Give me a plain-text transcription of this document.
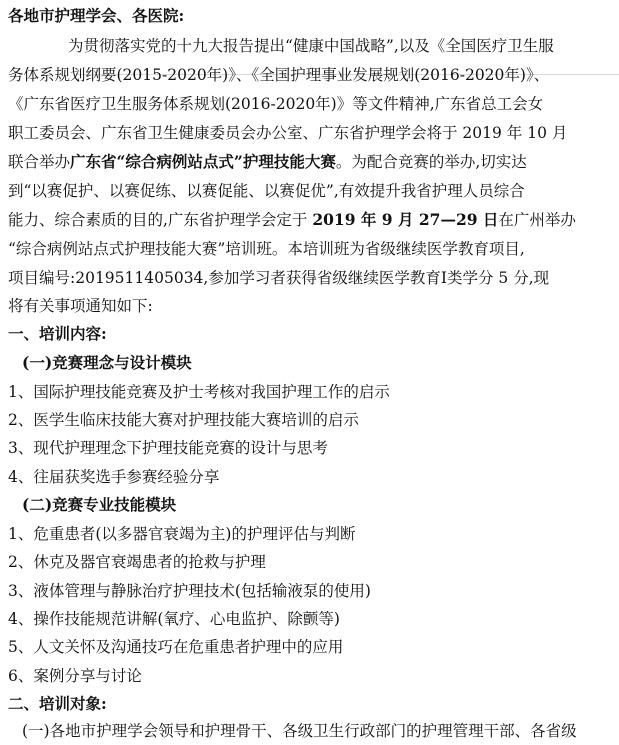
各地市护理学会、各医院:
为贯彻落实党的十九大报告提出“健康中国战略”,以及《全国医疗卫生服
务体系规划纲要(2015-2020年)》、《全国护理事业发展规划(2016-2020年)》、
《广东省医疗卫生服务体系规划(2016-2020年)》等文件精神,广东省总工会女
职工委员会、广东省卫生健康委员会办公室、广东省护理学会将于 2019 年 10 月
联合举办广东省“综合病例站点式”护理技能大赛。为配合竞赛的举办,切实达
到“以赛促护、以赛促练、以赛促能、以赛促优”,有效提升我省护理人员综合
能力、综合素质的目的,广东省护理学会定于 2019 年 9 月 27—29 日在广州举办
“综合病例站点式护理技能大赛”培训班。本培训班为省级继续医学教育项目,
项目编号:2019511405034,参加学习者获得省级继续医学教育Ⅰ类学分 5 分,现
将有关事项通知如下:
一、培训内容:
(一)竞赛理念与设计模块
1、国际护理技能竞赛及护士考核对我国护理工作的启示
2、医学生临床技能大赛对护理技能大赛培训的启示
3、现代护理理念下护理技能竞赛的设计与思考
4、往届获奖选手参赛经验分享
(二)竞赛专业技能模块
1、危重患者(以多器官衰竭为主)的护理评估与判断
2、休克及器官衰竭患者的抢救与护理
3、液体管理与静脉治疗护理技术(包括输液泵的使用)
4、操作技能规范讲解(氧疗、心电监护、除颤等)
5、人文关怀及沟通技巧在危重患者护理中的应用
6、案例分享与讨论
二、培训对象:
(一)各地市护理学会领导和护理骨干、各级卫生行政部门的护理管理干部、各省级
